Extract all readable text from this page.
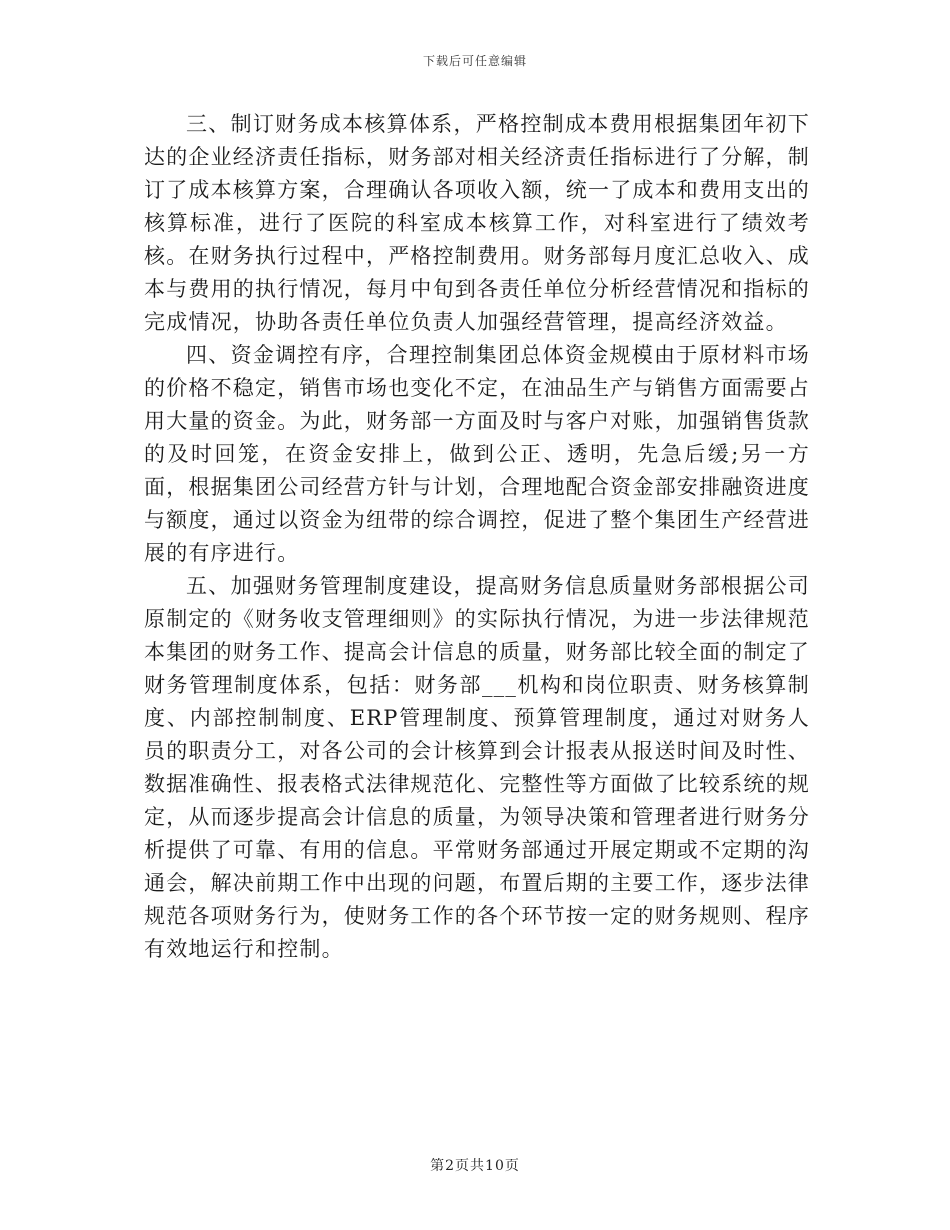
下载后可任意编辑

三、制订财务成本核算体系，严格控制成本费用根据集团年初下达的企业经济责任指标，财务部对相关经济责任指标进行了分解，制订了成本核算方案，合理确认各项收入额，统一了成本和费用支出的核算标准，进行了医院的科室成本核算工作，对科室进行了绩效考核。在财务执行过程中，严格控制费用。财务部每月度汇总收入、成本与费用的执行情况，每月中旬到各责任单位分析经营情况和指标的完成情况，协助各责任单位负责人加强经营管理，提高经济效益。

四、资金调控有序，合理控制集团总体资金规模由于原材料市场的价格不稳定，销售市场也变化不定，在油品生产与销售方面需要占用大量的资金。为此，财务部一方面及时与客户对账，加强销售货款的及时回笼，在资金安排上，做到公正、透明，先急后缓;另一方面，根据集团公司经营方针与计划，合理地配合资金部安排融资进度与额度，通过以资金为纽带的综合调控，促进了整个集团生产经营进展的有序进行。

五、加强财务管理制度建设，提高财务信息质量财务部根据公司原制定的《财务收支管理细则》的实际执行情况，为进一步法律规范本集团的财务工作、提高会计信息的质量，财务部比较全面的制定了财务管理制度体系，包括：财务部___机构和岗位职责、财务核算制度、内部控制制度、ERP管理制度、预算管理制度，通过对财务人员的职责分工，对各公司的会计核算到会计报表从报送时间及时性、数据准确性、报表格式法律规范化、完整性等方面做了比较系统的规定，从而逐步提高会计信息的质量，为领导决策和管理者进行财务分析提供了可靠、有用的信息。平常财务部通过开展定期或不定期的沟通会，解决前期工作中出现的问题，布置后期的主要工作，逐步法律规范各项财务行为，使财务工作的各个环节按一定的财务规则、程序有效地运行和控制。

第2页共10页
